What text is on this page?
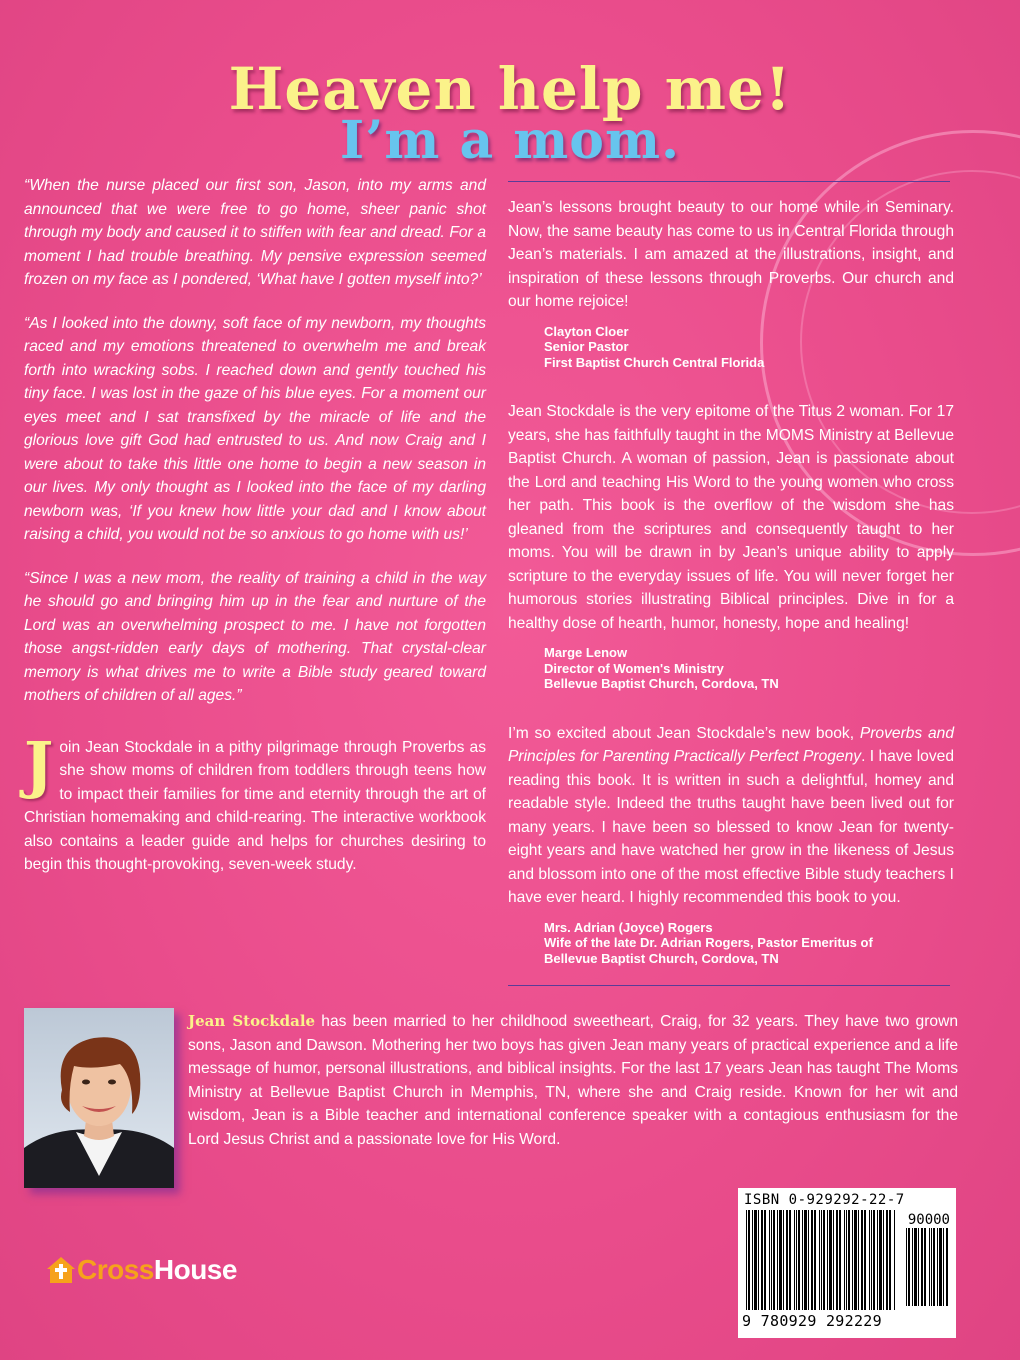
Heaven help me!
I’m a mom.

“When the nurse placed our first son, Jason, into my arms and announced that we were free to go home, sheer panic shot through my body and caused it to stiffen with fear and dread. For a moment I had trouble breathing. My pensive expression seemed frozen on my face as I pondered, ‘What have I gotten myself into?’

“As I looked into the downy, soft face of my newborn, my thoughts raced and my emotions threatened to overwhelm me and break forth into wracking sobs. I reached down and gently touched his tiny face. I was lost in the gaze of his blue eyes. For a moment our eyes meet and I sat transfixed by the miracle of life and the glorious love gift God had entrusted to us. And now Craig and I were about to take this little one home to begin a new season in our lives. My only thought as I looked into the face of my darling newborn was, ‘If you knew how little your dad and I know about raising a child, you would not be so anxious to go home with us!’

“Since I was a new mom, the reality of training a child in the way he should go and bringing him up in the fear and nurture of the Lord was an overwhelming prospect to me. I have not forgotten those angst-ridden early days of mothering. That crystal-clear memory is what drives me to write a Bible study geared toward mothers of children of all ages.”

Join Jean Stockdale in a pithy pilgrimage through Proverbs as she show moms of children from toddlers through teens how to impact their families for time and eternity through the art of Christian homemaking and child-rearing. The interactive workbook also contains a leader guide and helps for churches desiring to begin this thought-provoking, seven-week study.

Jean’s lessons brought beauty to our home while in Seminary. Now, the same beauty has come to us in Central Florida through Jean’s materials. I am amazed at the illustrations, insight, and inspiration of these lessons through Proverbs. Our church and our home rejoice!

Clayton Cloer
Senior Pastor
First Baptist Church Central Florida

Jean Stockdale is the very epitome of the Titus 2 woman. For 17 years, she has faithfully taught in the MOMS Ministry at Bellevue Baptist Church. A woman of passion, Jean is passionate about the Lord and teaching His Word to the young women who cross her path. This book is the overflow of the wisdom she has gleaned from the scriptures and consequently taught to her moms. You will be drawn in by Jean’s unique ability to apply scripture to the everyday issues of life. You will never forget her humorous stories illustrating Biblical principles. Dive in for a healthy dose of hearth, humor, honesty, hope and healing!

Marge Lenow
Director of Women's Ministry
Bellevue Baptist Church, Cordova, TN

I’m so excited about Jean Stockdale’s new book, Proverbs and Principles for Parenting Practically Perfect Progeny. I have loved reading this book. It is written in such a delightful, homey and readable style. Indeed the truths taught have been lived out for many years. I have been so blessed to know Jean for twenty-eight years and have watched her grow in the likeness of Jesus and blossom into one of the most effective Bible study teachers I have ever heard. I highly recommended this book to you.

Mrs. Adrian (Joyce) Rogers
Wife of the late Dr. Adrian Rogers, Pastor Emeritus of
Bellevue Baptist Church, Cordova, TN

Jean Stockdale has been married to her childhood sweetheart, Craig, for 32 years. They have two grown sons, Jason and Dawson. Mothering her two boys has given Jean many years of practical experience and a life message of humor, personal illustrations, and biblical insights. For the last 17 years Jean has taught The Moms Ministry at Bellevue Baptist Church in Memphis, TN, where she and Craig reside. Known for her wit and wisdom, Jean is a Bible teacher and international conference speaker with a contagious enthusiasm for the Lord Jesus Christ and a passionate love for His Word.

CrossHouse
ISBN 0-929292-22-7
90000
9 780929 292229
